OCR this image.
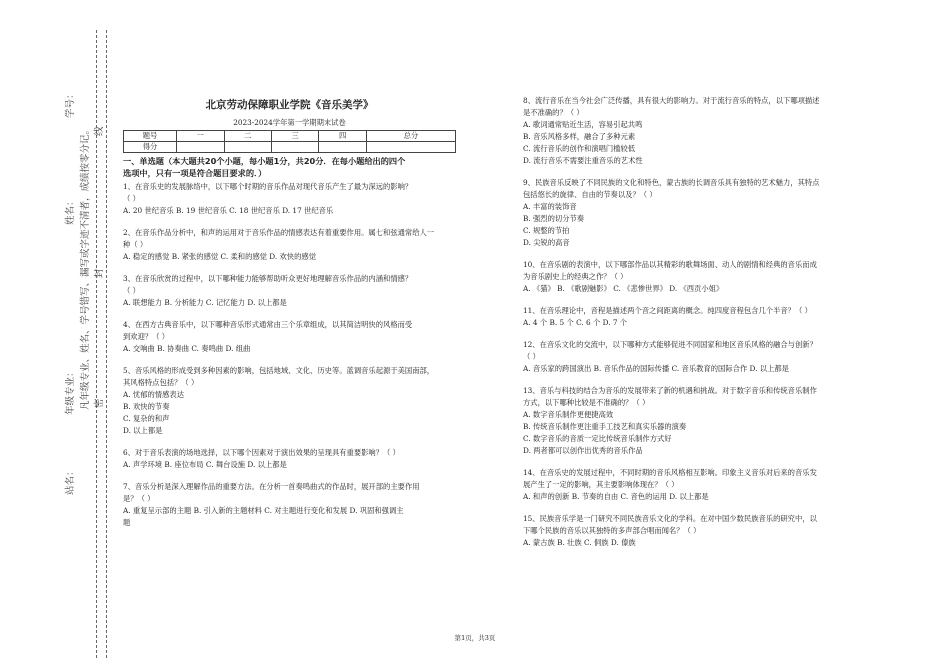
站名：
年级专业：
姓名：
学号：
凡年级专业、姓名、学号错写、漏写或字迹不清者，成绩按零分记。 密
封
线
北京劳动保障职业学院《音乐美学》
2023-2024学年第一学期期末试卷
题号	一	二	三	四	总分
得分					

一、单选题（本大题共20个小题，每小题1分，共20分．在每小题给出的四个

选项中，只有一项是符合题目要求的．）

1、在音乐史的发展脉络中，以下哪个时期的音乐作品对现代音乐产生了最为深远的影响？

（ ）

A. 20 世纪音乐 B. 19 世纪音乐 C. 18 世纪音乐 D. 17 世纪音乐

2、在音乐作品分析中，和声的运用对于音乐作品的情感表达有着重要作用。属七和弦通常给人一

种（ ）

A. 稳定的感觉 B. 紧张的感觉 C. 柔和的感觉 D. 欢快的感觉

3、在音乐欣赏的过程中，以下哪种能力能够帮助听众更好地理解音乐作品的内涵和情感？

（ ）

A. 联想能力 B. 分析能力 C. 记忆能力 D. 以上都是

4、在西方古典音乐中，以下哪种音乐形式通常由三个乐章组成，以其简洁明快的风格而受

到欢迎？（ ）

A. 交响曲 B. 协奏曲 C. 奏鸣曲 D. 组曲

5、音乐风格的形成受到多种因素的影响，包括地域、文化、历史等。蓝调音乐起源于美国南部，

其风格特点包括？（ ）

A. 忧郁的情感表达

B. 欢快的节奏

C. 复杂的和声

D. 以上都是

6、对于音乐表演的场地选择，以下哪个因素对于演出效果的呈现具有重要影响？（ ）

A. 声学环境 B. 座位布局 C. 舞台设施 D. 以上都是

7、音乐分析是深入理解作品的重要方法。在分析一首奏鸣曲式的作品时，展开部的主要作用

是？（ ）

A. 重复呈示部的主题 B. 引入新的主题材料 C. 对主题进行变化和发展 D. 巩固和强调主

题

8、流行音乐在当今社会广泛传播，具有很大的影响力。对于流行音乐的特点，以下哪项描述

是不准确的？（ ）

A. 歌词通常贴近生活，容易引起共鸣

B. 音乐风格多样，融合了多种元素

C. 流行音乐的创作和演唱门槛较低

D. 流行音乐不需要注重音乐的艺术性

9、民族音乐反映了不同民族的文化和特色，蒙古族的长调音乐具有独特的艺术魅力，其特点

包括悠长的旋律、自由的节奏以及？（ ）

A. 丰富的装饰音

B. 强烈的切分节奏

C. 规整的节拍

D. 尖锐的高音

10、在音乐剧的表演中，以下哪部作品以其精彩的歌舞场面、动人的剧情和经典的音乐而成

为音乐剧史上的经典之作？（ ）

A. 《猫》 B. 《歌剧魅影》 C. 《悲惨世界》 D. 《西贡小姐》

11、在音乐理论中，音程是描述两个音之间距离的概念。纯四度音程包含几个半音？（ ）

A. 4 个 B. 5 个 C. 6 个 D. 7 个

12、在音乐文化的交流中，以下哪种方式能够促进不同国家和地区音乐风格的融合与创新？

（ ）

A. 音乐家的跨国演出 B. 音乐作品的国际传播 C. 音乐教育的国际合作 D. 以上都是

13、音乐与科技的结合为音乐的发展带来了新的机遇和挑战。对于数字音乐和传统音乐制作

方式，以下哪种比较是不准确的？（ ）

A. 数字音乐制作更便捷高效

B. 传统音乐制作更注重手工技艺和真实乐器的演奏

C. 数字音乐的音质一定比传统音乐制作方式好

D. 两者都可以创作出优秀的音乐作品

14、在音乐史的发展过程中，不同时期的音乐风格相互影响。印象主义音乐对后来的音乐发

展产生了一定的影响，其主要影响体现在？（ ）

A. 和声的创新 B. 节奏的自由 C. 音色的运用 D. 以上都是

15、民族音乐学是一门研究不同民族音乐文化的学科。在对中国少数民族音乐的研究中，以

下哪个民族的音乐以其独特的多声部合唱而闻名？（ ）

A. 蒙古族 B. 壮族 C. 侗族 D. 傣族

第1页，共3页
